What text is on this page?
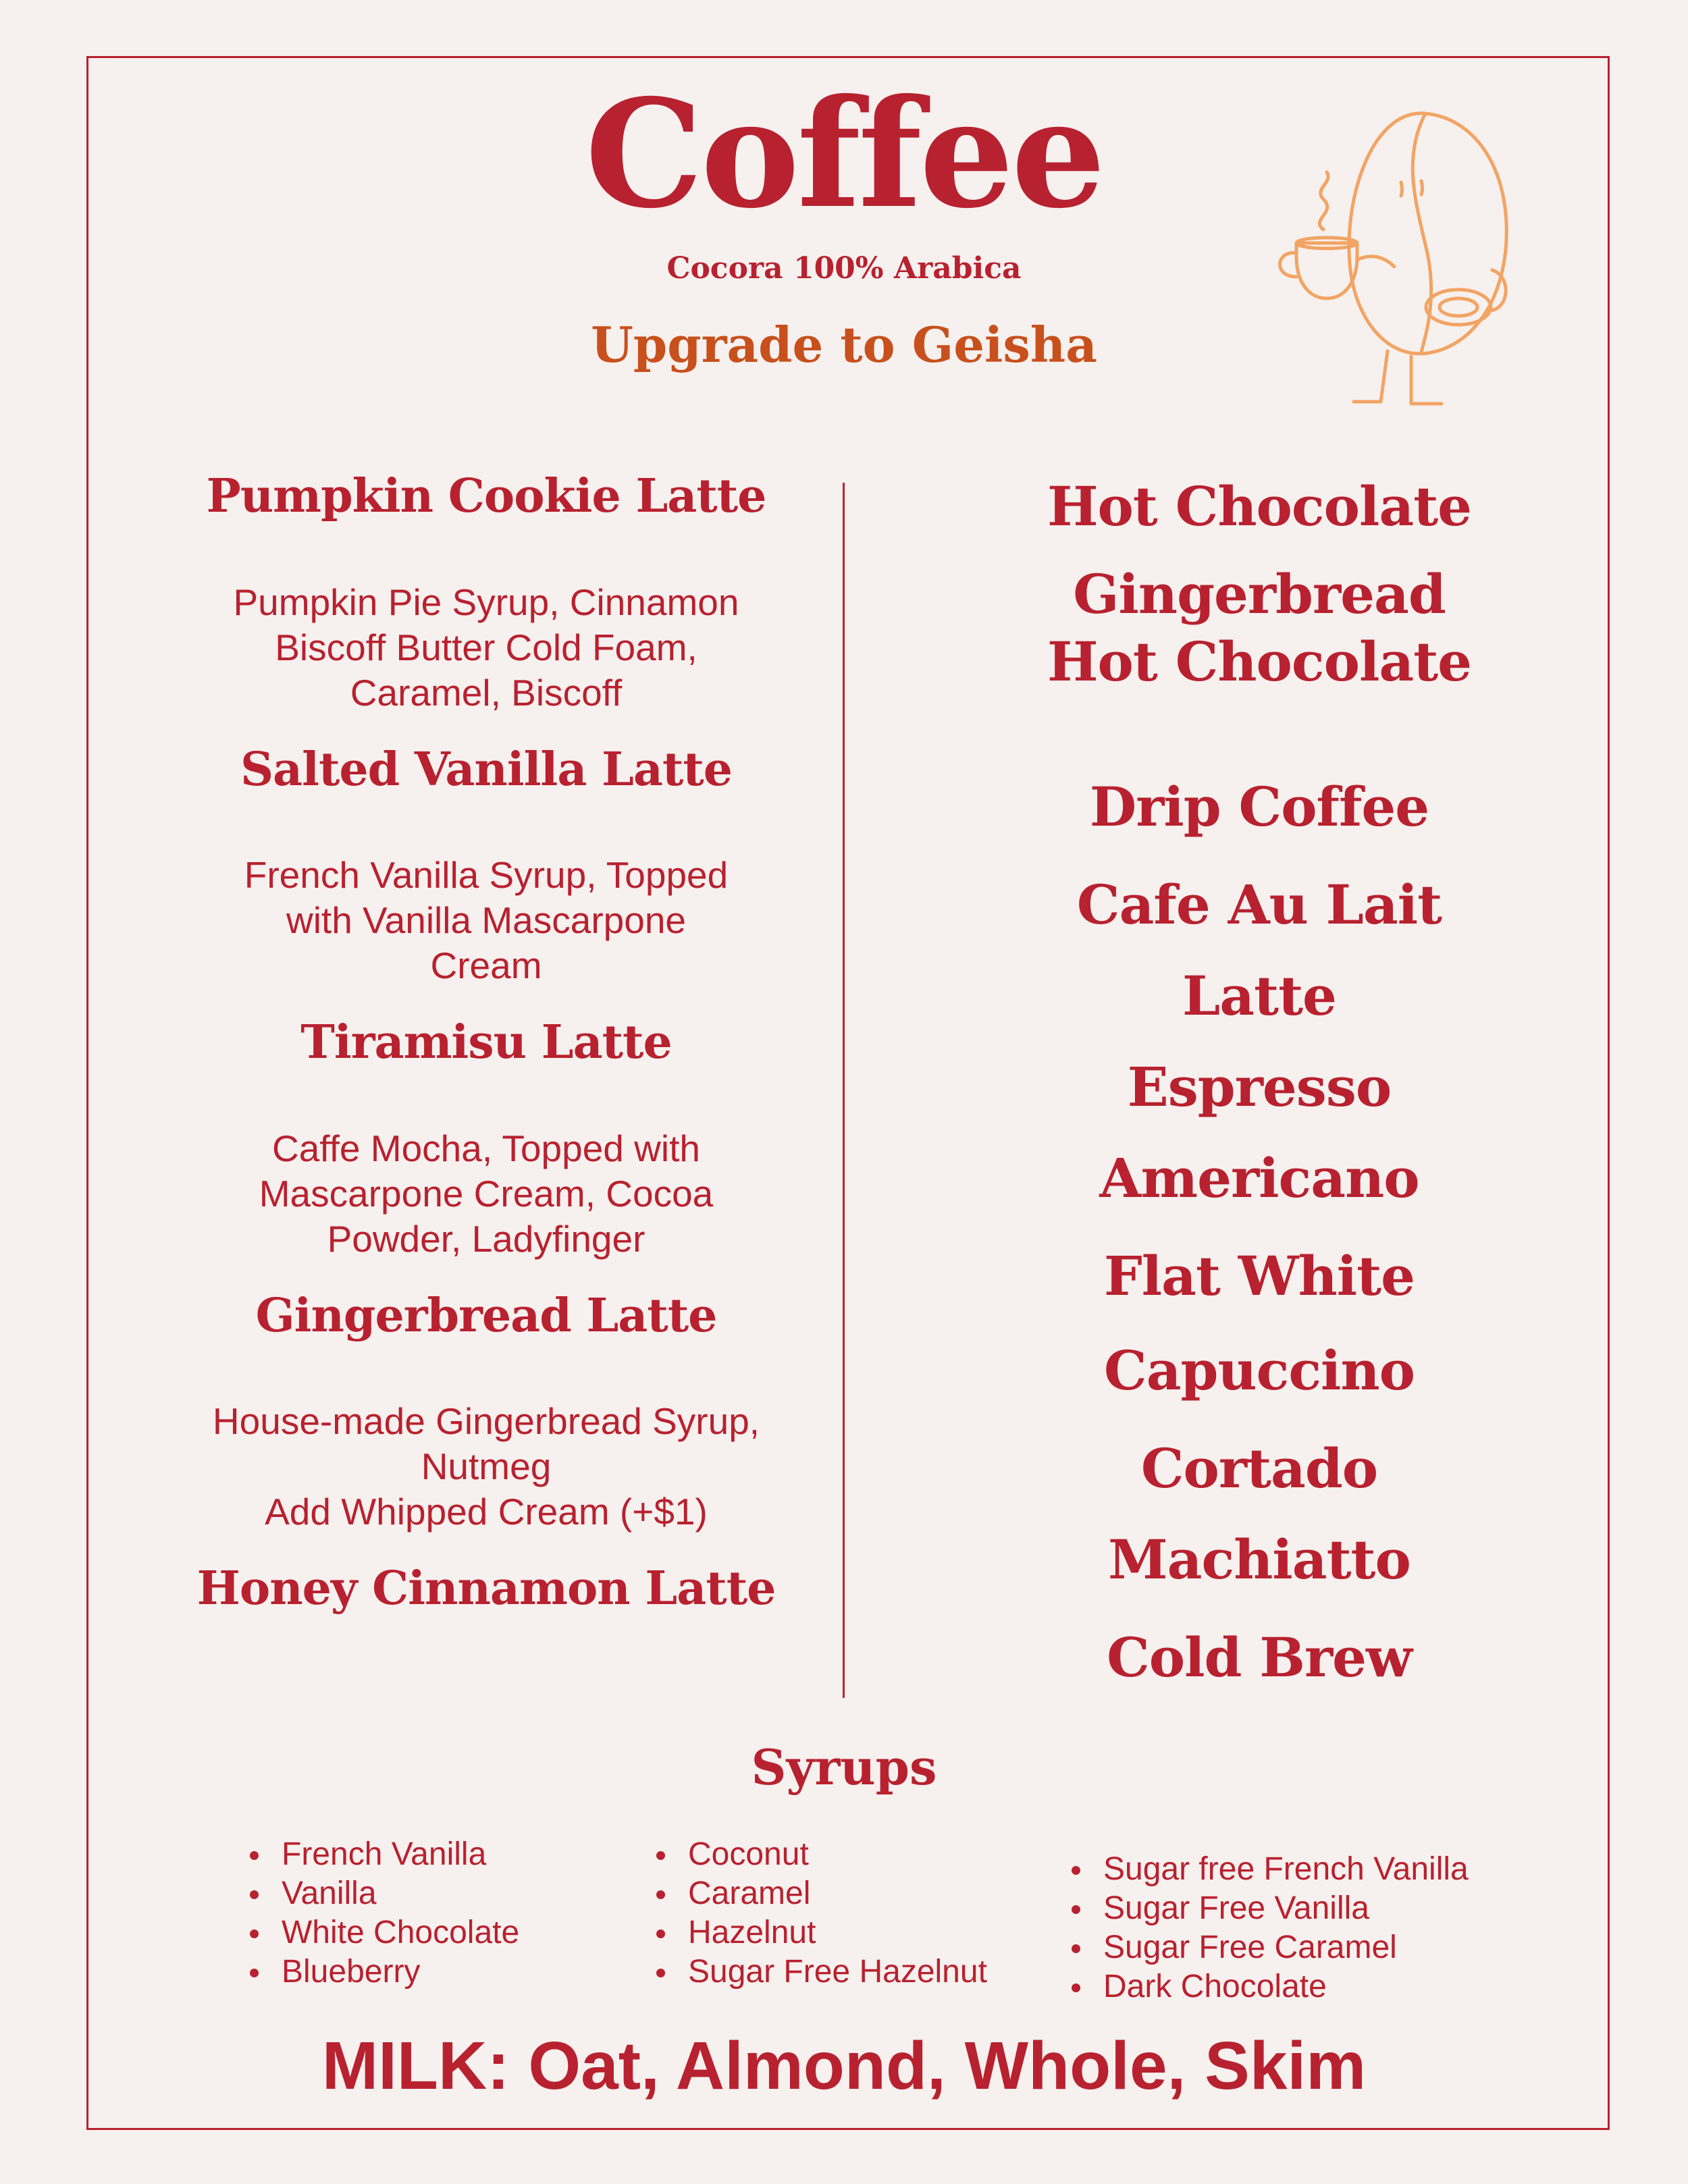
Coffee
Cocora 100% Arabica
Upgrade to Geisha
Pumpkin Cookie Latte
Pumpkin Pie Syrup, Cinnamon
Biscoff Butter Cold Foam,
Caramel, Biscoff
Salted Vanilla Latte
French Vanilla Syrup, Topped
with Vanilla Mascarpone
Cream
Tiramisu Latte
Caffe Mocha, Topped with
Mascarpone Cream, Cocoa
Powder, Ladyfinger
Gingerbread Latte
House-made Gingerbread Syrup,
Nutmeg
Add Whipped Cream (+$1)
Honey Cinnamon Latte
Hot Chocolate
Gingerbread
Hot Chocolate
Drip Coffee
Cafe Au Lait
Latte
Espresso
Americano
Flat White
Capuccino
Cortado
Machiatto
Cold Brew
Syrups
French Vanilla
Vanilla
White Chocolate
Blueberry
Coconut
Caramel
Hazelnut
Sugar Free Hazelnut
Sugar free French Vanilla
Sugar Free Vanilla
Sugar Free Caramel
Dark Chocolate
MILK: Oat, Almond, Whole, Skim
